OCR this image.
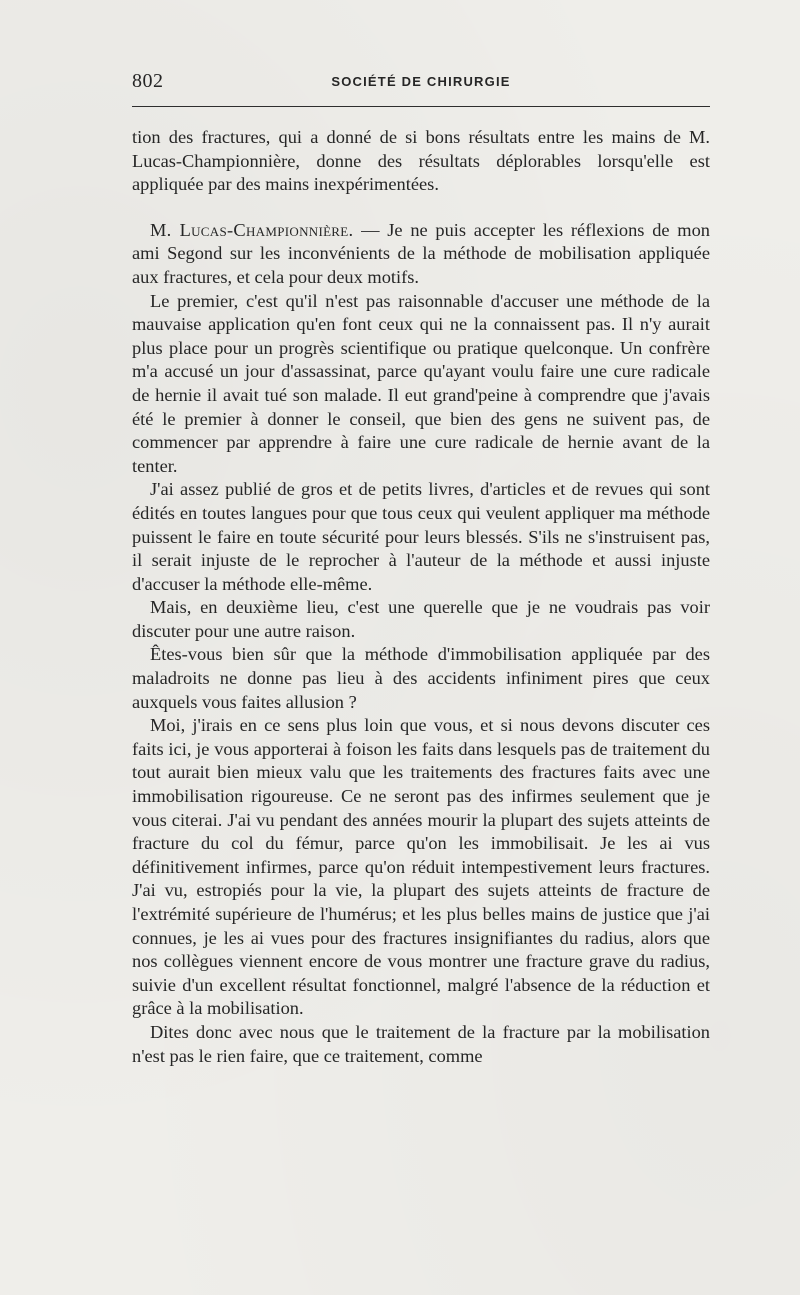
802	SOCIÉTÉ DE CHIRURGIE

tion des fractures, qui a donné de si bons résultats entre les mains de M. Lucas-Championnière, donne des résultats déplorables lorsqu'elle est appliquée par des mains inexpérimentées.

M. Lucas-Championnière. — Je ne puis accepter les réflexions de mon ami Segond sur les inconvénients de la méthode de mobilisation appliquée aux fractures, et cela pour deux motifs.

Le premier, c'est qu'il n'est pas raisonnable d'accuser une méthode de la mauvaise application qu'en font ceux qui ne la connaissent pas. Il n'y aurait plus place pour un progrès scientifique ou pratique quelconque. Un confrère m'a accusé un jour d'assassinat, parce qu'ayant voulu faire une cure radicale de hernie il avait tué son malade. Il eut grand'peine à comprendre que j'avais été le premier à donner le conseil, que bien des gens ne suivent pas, de commencer par apprendre à faire une cure radicale de hernie avant de la tenter.

J'ai assez publié de gros et de petits livres, d'articles et de revues qui sont édités en toutes langues pour que tous ceux qui veulent appliquer ma méthode puissent le faire en toute sécurité pour leurs blessés. S'ils ne s'instruisent pas, il serait injuste de le reprocher à l'auteur de la méthode et aussi injuste d'accuser la méthode elle-même.

Mais, en deuxième lieu, c'est une querelle que je ne voudrais pas voir discuter pour une autre raison.

Êtes-vous bien sûr que la méthode d'immobilisation appliquée par des maladroits ne donne pas lieu à des accidents infiniment pires que ceux auxquels vous faites allusion ?

Moi, j'irais en ce sens plus loin que vous, et si nous devons discuter ces faits ici, je vous apporterai à foison les faits dans lesquels pas de traitement du tout aurait bien mieux valu que les traitements des fractures faits avec une immobilisation rigoureuse. Ce ne seront pas des infirmes seulement que je vous citerai. J'ai vu pendant des années mourir la plupart des sujets atteints de fracture du col du fémur, parce qu'on les immobilisait. Je les ai vus définitivement infirmes, parce qu'on réduit intempestivement leurs fractures. J'ai vu, estropiés pour la vie, la plupart des sujets atteints de fracture de l'extrémité supérieure de l'humérus; et les plus belles mains de justice que j'ai connues, je les ai vues pour des fractures insignifiantes du radius, alors que nos collègues viennent encore de vous montrer une fracture grave du radius, suivie d'un excellent résultat fonctionnel, malgré l'absence de la réduction et grâce à la mobilisation.

Dites donc avec nous que le traitement de la fracture par la mobilisation n'est pas le rien faire, que ce traitement, comme
